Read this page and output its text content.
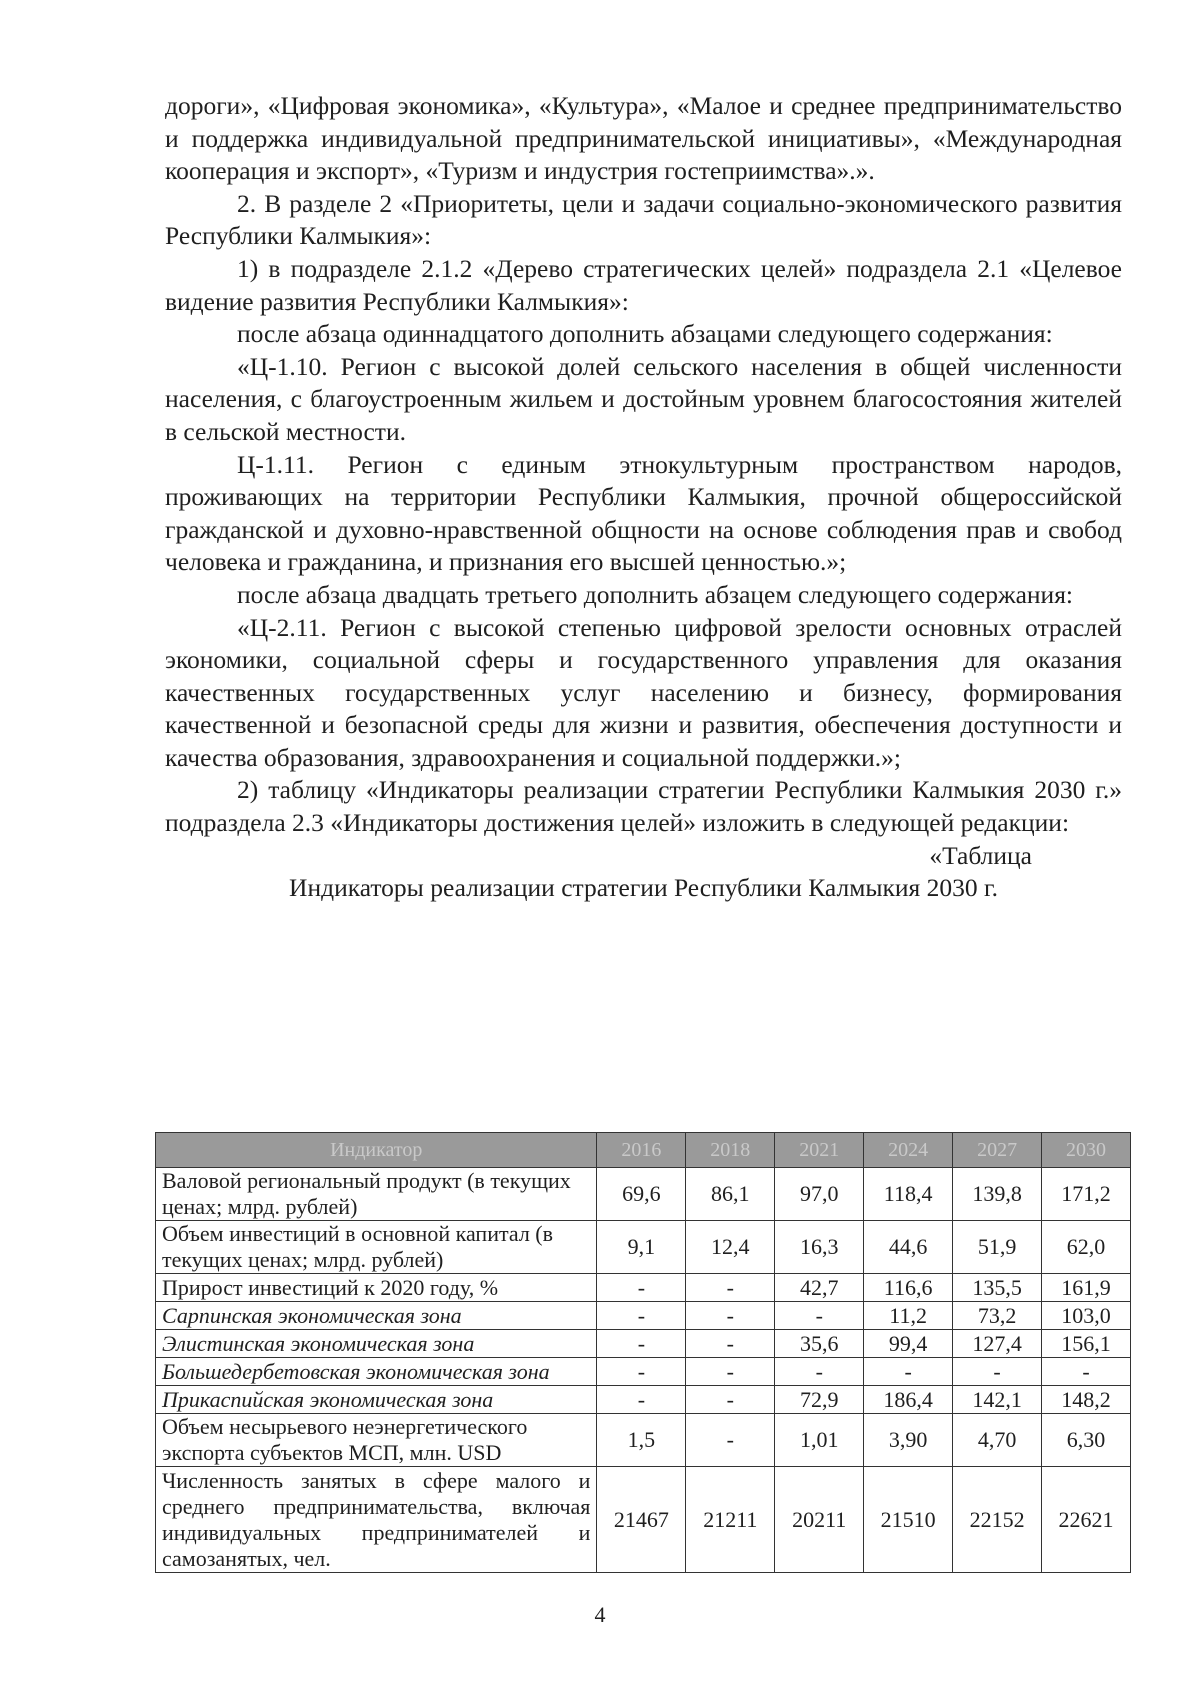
дороги», «Цифровая экономика», «Культура», «Малое и среднее предпринимательство и поддержка индивидуальной предпринимательской инициативы», «Международная кооперация и экспорт», «Туризм и индустрия гостеприимства».».

2. В разделе 2 «Приоритеты, цели и задачи социально-экономического развития Республики Калмыкия»:

1) в подразделе 2.1.2 «Дерево стратегических целей» подраздела 2.1 «Целевое видение развития Республики Калмыкия»:

после абзаца одиннадцатого дополнить абзацами следующего содержания:

«Ц-1.10. Регион с высокой долей сельского населения в общей численности населения, с благоустроенным жильем и достойным уровнем благосостояния жителей в сельской местности.

Ц-1.11. Регион с единым этнокультурным пространством народов, проживающих на территории Республики Калмыкия, прочной общероссийской гражданской и духовно-нравственной общности на основе соблюдения прав и свобод человека и гражданина, и признания его высшей ценностью.»;

после абзаца двадцать третьего дополнить абзацем следующего содержания:

«Ц-2.11. Регион с высокой степенью цифровой зрелости основных отраслей экономики, социальной сферы и государственного управления для оказания качественных государственных услуг населению и бизнесу, формирования качественной и безопасной среды для жизни и развития, обеспечения доступности и качества образования, здравоохранения и социальной поддержки.»;

2) таблицу «Индикаторы реализации стратегии Республики Калмыкия 2030 г.» подраздела 2.3 «Индикаторы достижения целей» изложить в следующей редакции:

«Таблица

Индикаторы реализации стратегии Республики Калмыкия 2030 г.

Индикатор	2016	2018	2021	2024	2027	2030
Валовой региональный продукт (в текущих ценах; млрд. рублей)	69,6	86,1	97,0	118,4	139,8	171,2
Объем инвестиций в основной капитал (в текущих ценах; млрд. рублей)	9,1	12,4	16,3	44,6	51,9	62,0
Прирост инвестиций к 2020 году, %	-	-	42,7	116,6	135,5	161,9
Сарпинская экономическая зона	-	-	-	11,2	73,2	103,0
Элистинская экономическая зона	-	-	35,6	99,4	127,4	156,1
Большедербетовская экономическая зона	-	-	-	-	-	-
Прикаспийская экономическая зона	-	-	72,9	186,4	142,1	148,2
Объем несырьевого неэнергетического экспорта субъектов МСП, млн. USD	1,5	-	1,01	3,90	4,70	6,30
Численность занятых в сфере малого и среднего предпринимательства, включая индивидуальных предпринимателей и самозанятых, чел.	21467	21211	20211	21510	22152	22621
4
